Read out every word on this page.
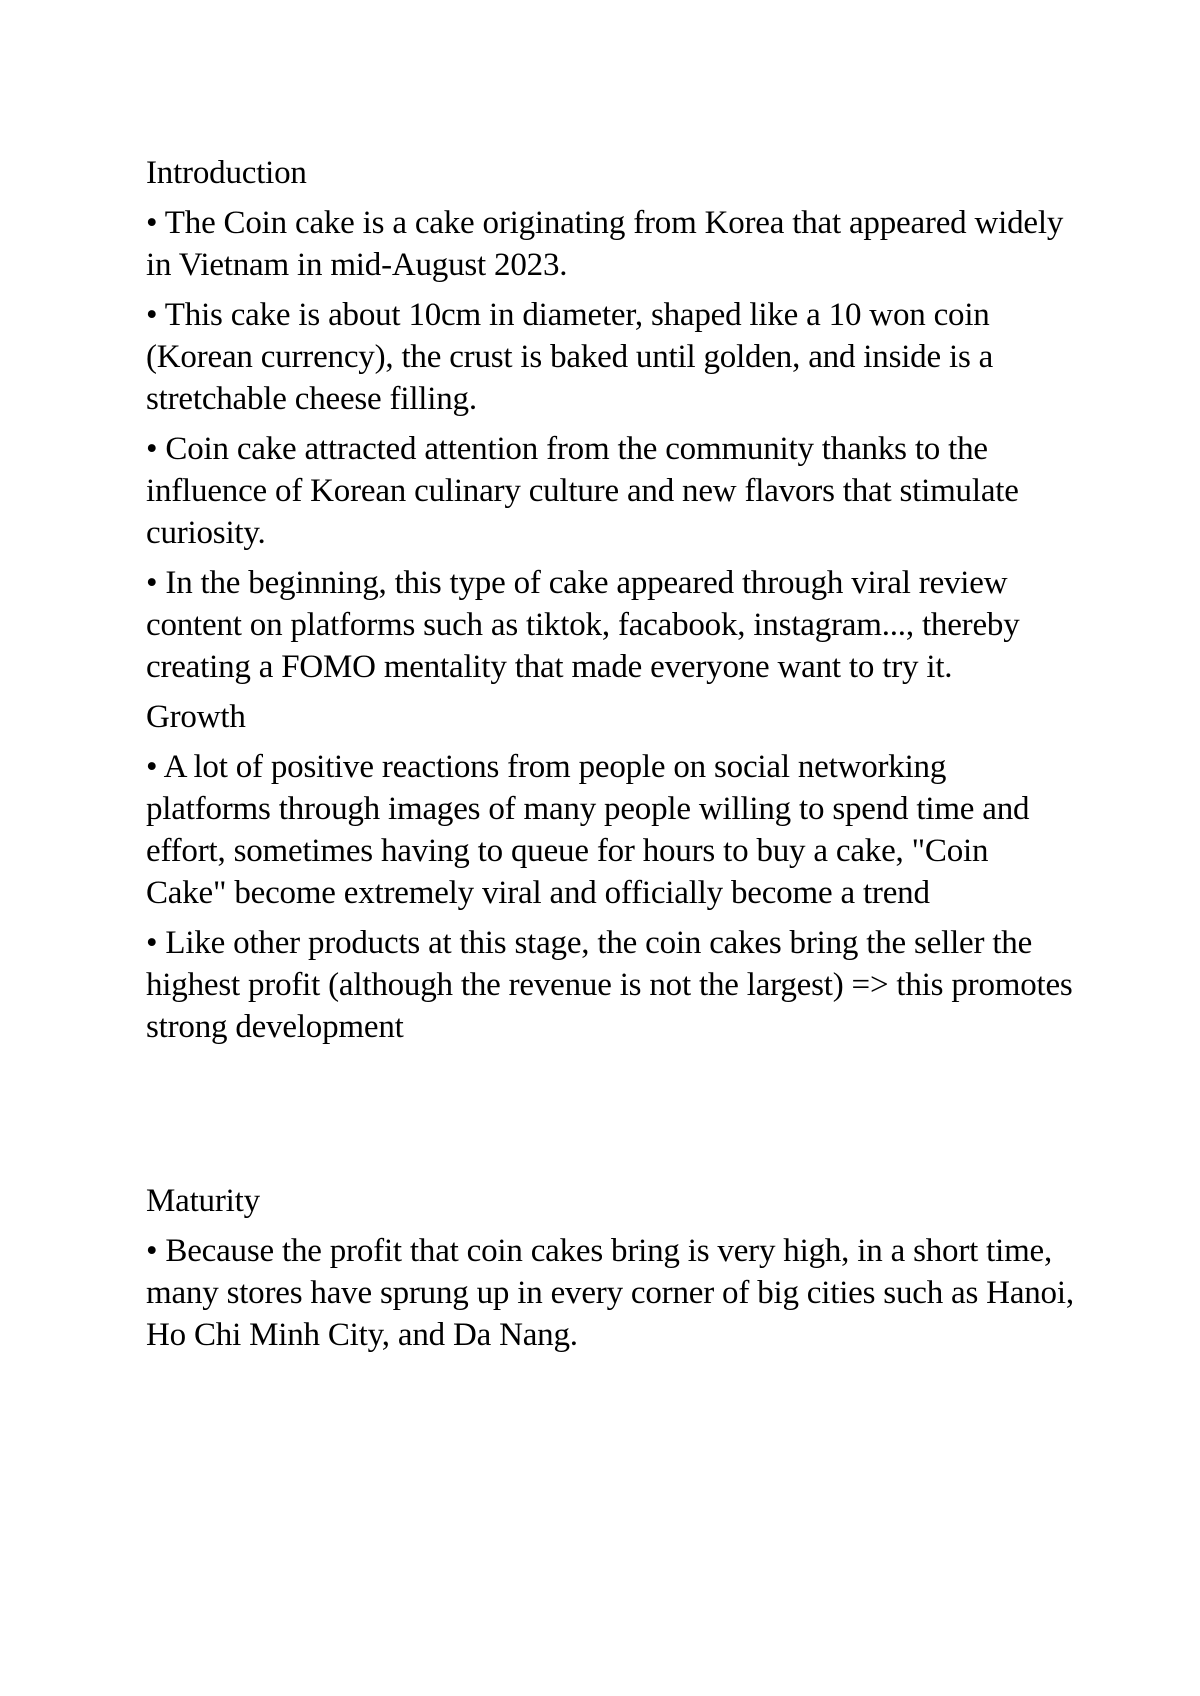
Introduction
• The Coin cake is a cake originating from Korea that appeared widely in Vietnam in mid-August 2023.
• This cake is about 10cm in diameter, shaped like a 10 won coin (Korean currency), the crust is baked until golden, and inside is a stretchable cheese filling.
• Coin cake attracted attention from the community thanks to the influence of Korean culinary culture and new flavors that stimulate curiosity.
• In the beginning, this type of cake appeared through viral review content on platforms such as tiktok, facabook, instagram..., thereby creating a FOMO mentality that made everyone want to try it.
Growth
• A lot of positive reactions from people on social networking platforms through images of many people willing to spend time and effort, sometimes having to queue for hours to buy a cake, "Coin Cake" become extremely viral and officially become a trend
• Like other products at this stage, the coin cakes bring the seller the highest profit (although the revenue is not the largest) => this promotes strong development
Maturity
• Because the profit that coin cakes bring is very high, in a short time, many stores have sprung up in every corner of big cities such as Hanoi, Ho Chi Minh City, and Da Nang.
